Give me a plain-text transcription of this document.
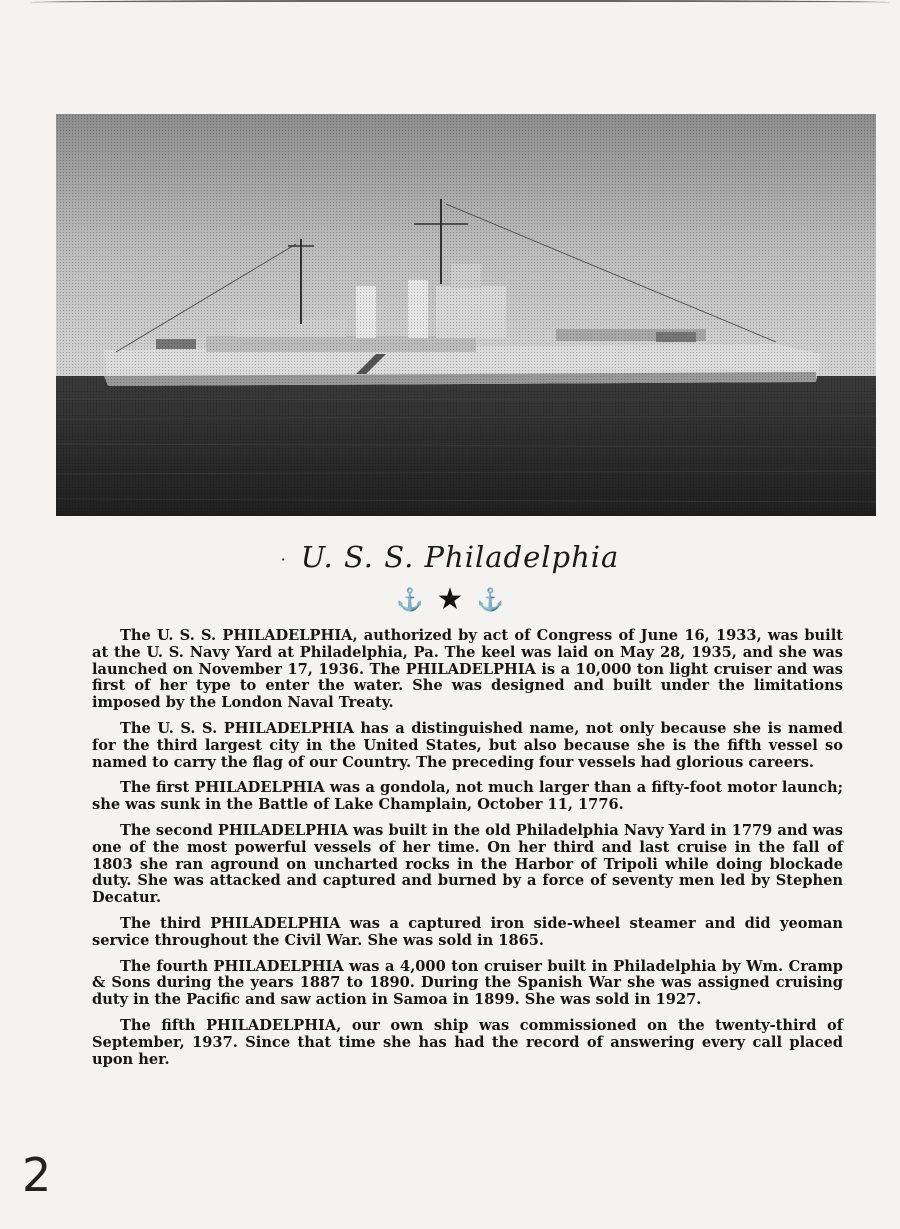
· U. S. S. Philadelphia
⚓ ★ ⚓

The U. S. S. PHILADELPHIA, authorized by act of Congress of June 16, 1933, was built at the U. S. Navy Yard at Philadelphia, Pa. The keel was laid on May 28, 1935, and she was launched on November 17, 1936. The PHILADELPHIA is a 10,000 ton light cruiser and was first of her type to enter the water. She was designed and built under the limitations imposed by the London Naval Treaty.

The U. S. S. PHILADELPHIA has a distinguished name, not only because she is named for the third largest city in the United States, but also because she is the fifth vessel so named to carry the flag of our Country. The preceding four vessels had glorious careers.

The first PHILADELPHIA was a gondola, not much larger than a fifty-foot motor launch; she was sunk in the Battle of Lake Champlain, October 11, 1776.

The second PHILADELPHIA was built in the old Philadelphia Navy Yard in 1779 and was one of the most powerful vessels of her time. On her third and last cruise in the fall of 1803 she ran aground on uncharted rocks in the Harbor of Tripoli while doing blockade duty. She was attacked and captured and burned by a force of seventy men led by Stephen Decatur.

The third PHILADELPHIA was a captured iron side-wheel steamer and did yeoman service throughout the Civil War. She was sold in 1865.

The fourth PHILADELPHIA was a 4,000 ton cruiser built in Philadelphia by Wm. Cramp & Sons during the years 1887 to 1890. During the Spanish War she was assigned cruising duty in the Pacific and saw action in Samoa in 1899. She was sold in 1927.

The fifth PHILADELPHIA, our own ship was commissioned on the twenty-third of September, 1937. Since that time she has had the record of answering every call placed upon her.

2
